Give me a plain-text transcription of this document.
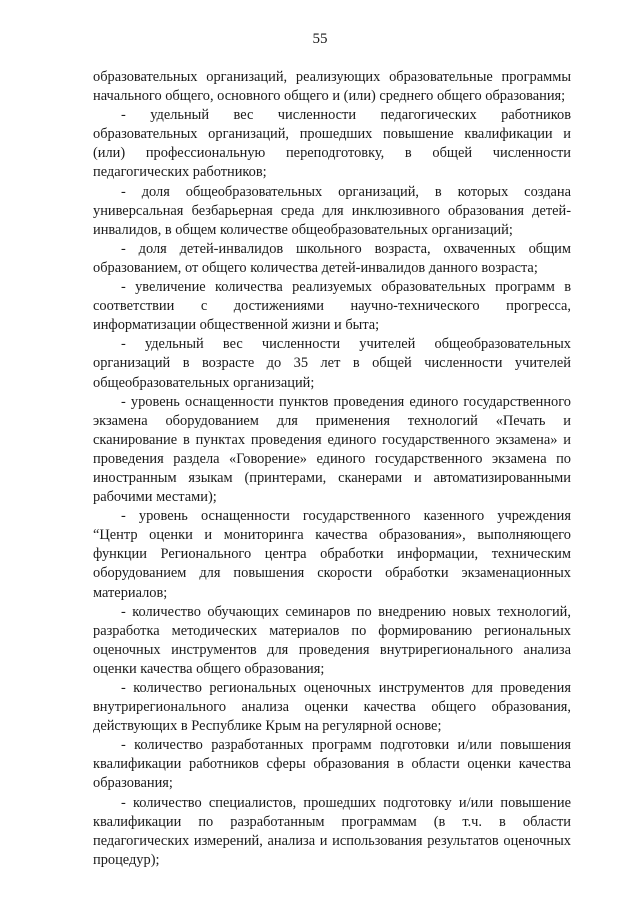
55

образовательных организаций, реализующих образовательные программы начального общего, основного общего и (или) среднего общего образования;

- удельный вес численности педагогических работников образовательных организаций, прошедших повышение квалификации и (или) профессиональную переподготовку, в общей численности педагогических работников;

- доля общеобразовательных организаций, в которых создана универсальная безбарьерная среда для инклюзивного образования детей-инвалидов, в общем количестве общеобразовательных организаций;

- доля детей-инвалидов школьного возраста, охваченных общим образованием, от общего количества детей-инвалидов данного возраста;

- увеличение количества реализуемых образовательных программ в соответствии с достижениями научно-технического прогресса, информатизации общественной жизни и быта;

- удельный вес численности учителей общеобразовательных организаций в возрасте до 35 лет в общей численности учителей общеобразовательных организаций;

- уровень оснащенности пунктов проведения единого государственного экзамена оборудованием для применения технологий «Печать и сканирование в пунктах проведения единого государственного экзамена» и проведения раздела «Говорение» единого государственного экзамена по иностранным языкам (принтерами, сканерами и автоматизированными рабочими местами);

- уровень оснащенности государственного казенного учреждения “Центр оценки и мониторинга качества образования», выполняющего функции Регионального центра обработки информации, техническим оборудованием для повышения скорости обработки экзаменационных материалов;

- количество обучающих семинаров по внедрению новых технологий, разработка методических материалов по формированию региональных оценочных инструментов для проведения внутрирегионального анализа оценки качества общего образования;

- количество региональных оценочных инструментов для проведения внутрирегионального анализа оценки качества общего образования, действующих в Республике Крым на регулярной основе;

- количество разработанных программ подготовки и/или повышения квалификации работников сферы образования в области оценки качества образования;

- количество специалистов, прошедших подготовку и/или повышение квалификации по разработанным программам (в т.ч. в области педагогических измерений, анализа и использования результатов оценочных процедур);
